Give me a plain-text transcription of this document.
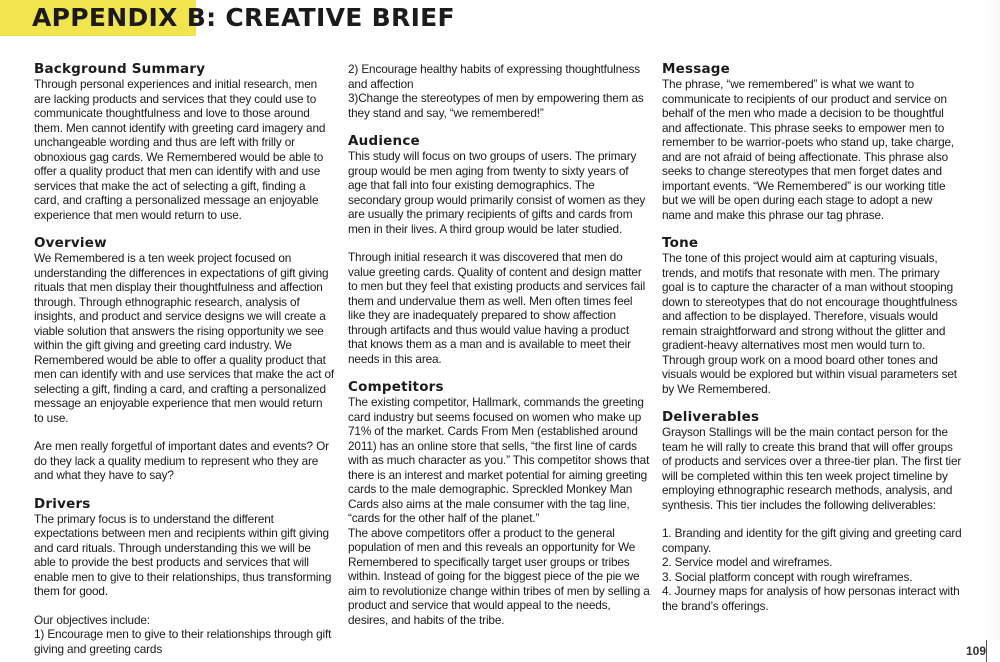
APPENDIX B: CREATIVE BRIEF
Background Summary

Through personal experiences and initial research, men are lacking products and services that they could use to communicate thoughtfulness and love to those around them. Men cannot identify with greeting card imagery and unchangeable wording and thus are left with frilly or obnoxious gag cards. We Remembered would be able to offer a quality product that men can identify with and use services that make the act of selecting a gift, finding a card, and crafting a personalized message an enjoyable experience that men would return to use.

Overview

We Remembered is a ten week project focused on understanding the differences in expectations of gift giving rituals that men display their thoughtfulness and affection through. Through ethnographic research, analysis of insights, and product and service designs we will create a viable solution that answers the rising opportunity we see within the gift giving and greeting card industry. We Remembered would be able to offer a quality product that men can identify with and use services that make the act of selecting a gift, finding a card, and crafting a personalized message an enjoyable experience that men would return to use.

Are men really forgetful of important dates and events? Or do they lack a quality medium to represent who they are and what they have to say?

Drivers

The primary focus is to understand the different expectations between men and recipients within gift giving and card rituals. Through understanding this we will be able to provide the best products and services that will enable men to give to their relationships, thus transforming them for good.

Our objectives include:

1) Encourage men to give to their relationships through gift giving and greeting cards

2) Encourage healthy habits of expressing thoughtfulness and affection

3)Change the stereotypes of men by empowering them as they stand and say, “we remembered!”

Audience

This study will focus on two groups of users. The primary group would be men aging from twenty to sixty years of age that fall into four existing demographics. The secondary group would primarily consist of women as they are usually the primary recipients of gifts and cards from men in their lives. A third group would be later studied.

Through initial research it was discovered that men do value greeting cards. Quality of content and design matter to men but they feel that existing products and services fail them and undervalue them as well. Men often times feel like they are inadequately prepared to show affection through artifacts and thus would value having a product that knows them as a man and is available to meet their needs in this area.

Competitors

The existing competitor, Hallmark, commands the greeting card industry but seems focused on women who make up 71% of the market. Cards From Men (established around 2011) has an online store that sells, “the first line of cards with as much character as you.” This competitor shows that there is an interest and market potential for aiming greeting cards to the male demographic. Spreckled Monkey Man Cards also aims at the male consumer with the tag line, “cards for the other half of the planet.”

The above competitors offer a product to the general population of men and this reveals an opportunity for We Remembered to specifically target user groups or tribes within. Instead of going for the biggest piece of the pie we aim to revolutionize change within tribes of men by selling a product and service that would appeal to the needs, desires, and habits of the tribe.

Message

The phrase, “we remembered” is what we want to communicate to recipients of our product and service on behalf of the men who made a decision to be thoughtful and affectionate. This phrase seeks to empower men to remember to be warrior-poets who stand up, take charge, and are not afraid of being affectionate. This phrase also seeks to change stereotypes that men forget dates and important events. “We Remembered” is our working title but we will be open during each stage to adopt a new name and make this phrase our tag phrase.

Tone

The tone of this project would aim at capturing visuals, trends, and motifs that resonate with men. The primary goal is to capture the character of a man without stooping down to stereotypes that do not encourage thoughtfulness and affection to be displayed. Therefore, visuals would remain straightforward and strong without the glitter and gradient-heavy alternatives most men would turn to. Through group work on a mood board other tones and visuals would be explored but within visual parameters set by We Remembered.

Deliverables

Grayson Stallings will be the main contact person for the team he will rally to create this brand that will offer groups of products and services over a three-tier plan. The first tier will be completed within this ten week project timeline by employing ethnographic research methods, analysis, and synthesis. This tier includes the following deliverables:

1. Branding and identity for the gift giving and greeting card company.

2. Service model and wireframes.

3. Social platform concept with rough wireframes.

4. Journey maps for analysis of how personas interact with the brand’s offerings.

109
